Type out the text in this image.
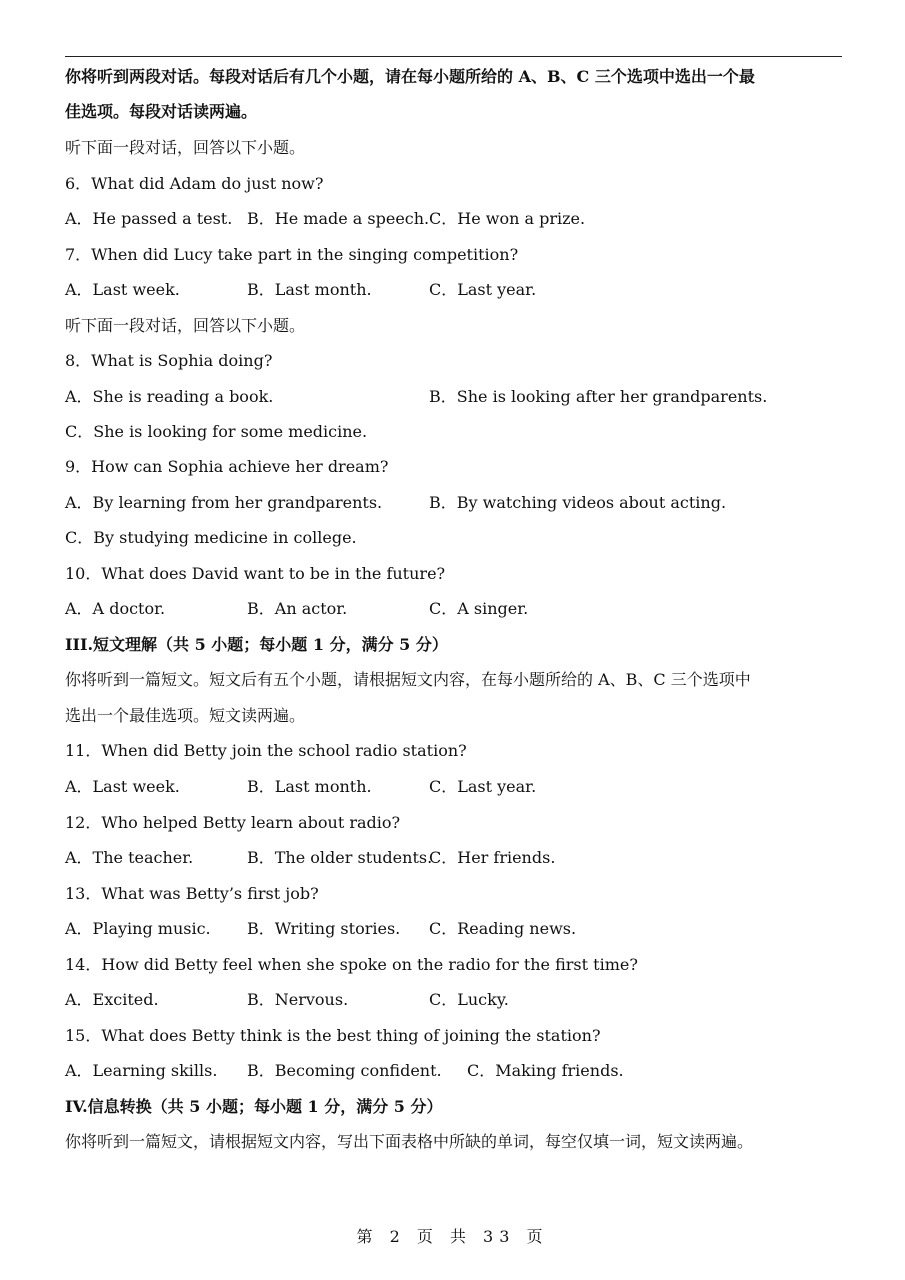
你将听到两段对话。每段对话后有几个小题，请在每小题所给的 A、B、C 三个选项中选出一个最
佳选项。每段对话读两遍。
听下面一段对话，回答以下小题。
6．What did Adam do just now?
A．He passed a test. B．He made a speech. C．He won a prize.
7．When did Lucy take part in the singing competition?
A．Last week.	B．Last month.	C．Last year.
听下面一段对话，回答以下小题。
8．What is Sophia doing?
A．She is reading a book.	B．She is looking after her grandparents.
C．She is looking for some medicine.
9．How can Sophia achieve her dream?
A．By learning from her grandparents.	B．By watching videos about acting.
C．By studying medicine in college.
10．What does David want to be in the future?
A．A doctor.	B．An actor.	C．A singer.
III.短文理解（共 5 小题；每小题 1 分，满分 5 分）
你将听到一篇短文。短文后有五个小题，请根据短文内容，在每小题所给的 A、B、C 三个选项中
选出一个最佳选项。短文读两遍。
11．When did Betty join the school radio station?
A．Last week.	B．Last month.	C．Last year.
12．Who helped Betty learn about radio?
A．The teacher.	B．The older students.
C．Her friends.
13．What was Betty’s first job?
A．Playing music. B．Writing stories. C．Reading news.
14．How did Betty feel when she spoke on the radio for the first time?
A．Excited.	B．Nervous.	C．Lucky.
15．What does Betty think is the best thing of joining the station?
A．Learning skills. B．Becoming confident. C．Making friends.
IV.信息转换（共 5 小题；每小题 1 分，满分 5 分）
你将听到一篇短文，请根据短文内容，写出下面表格中所缺的单词，每空仅填一词，短文读两遍。
第 2 页 共 33 页
